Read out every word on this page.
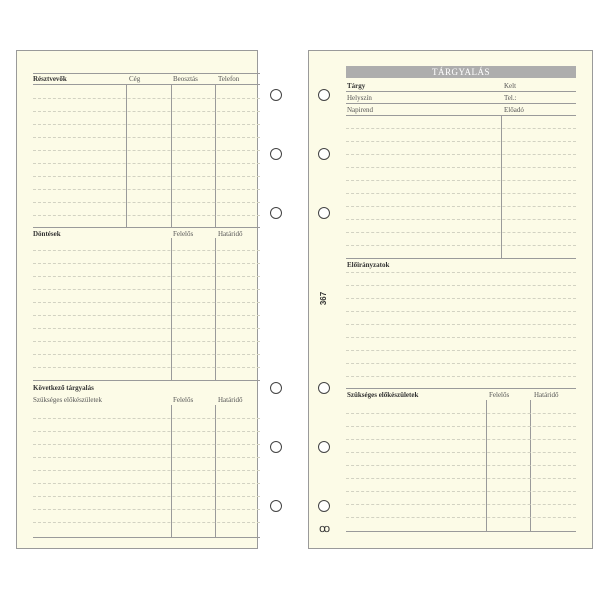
Résztvevők	Cég	Beosztás	Telefon
Döntések	Felelős	Határidő
Következő tárgyalás
Szükséges előkészületek	Felelős	Határidő
367
ꝏ
TÁRGYALÁS
Tárgy	Kelt
Helyszín	Tel.:
Napirend	Előadó
Előirányzatok
Szükséges előkészületek	Felelős	Határidő
